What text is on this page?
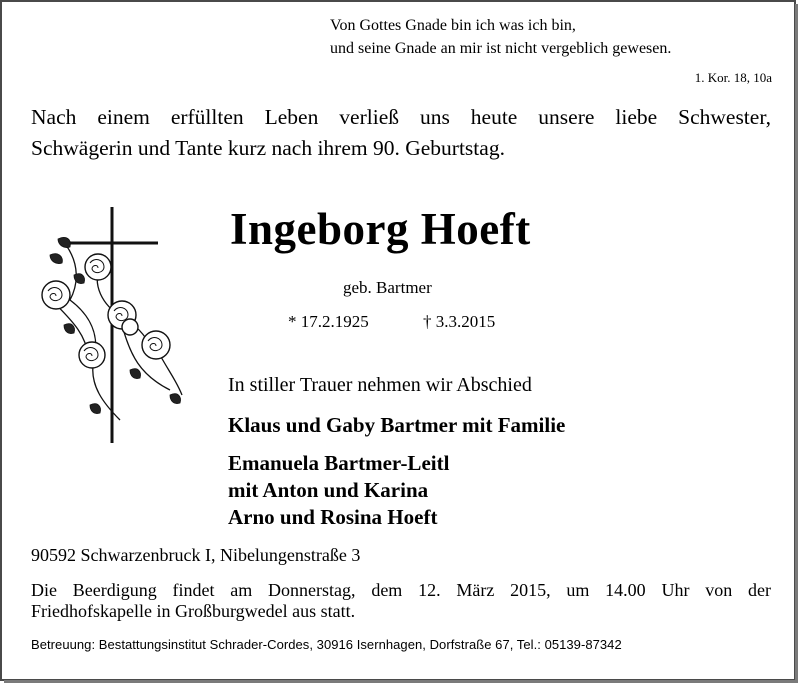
Von Gottes Gnade bin ich was ich bin,
und seine Gnade an mir ist nicht vergeblich gewesen.
1. Kor. 18, 10a
Nach einem erfüllten Leben verließ uns heute unsere liebe Schwester,
Schwägerin und Tante kurz nach ihrem 90. Geburtstag.
Ingeborg Hoeft
geb. Bartmer
* 17.2.1925	† 3.3.2015
In stiller Trauer nehmen wir Abschied
Klaus und Gaby Bartmer mit Familie
Emanuela Bartmer-Leitl
mit Anton und Karina
Arno und Rosina Hoeft
90592 Schwarzenbruck I, Nibelungenstraße 3
Die Beerdigung findet am Donnerstag, dem 12. März 2015, um 14.00 Uhr von der
Friedhofskapelle in Großburgwedel aus statt.
Betreuung: Bestattungsinstitut Schrader-Cordes, 30916 Isernhagen, Dorfstraße 67, Tel.: 05139-87342
